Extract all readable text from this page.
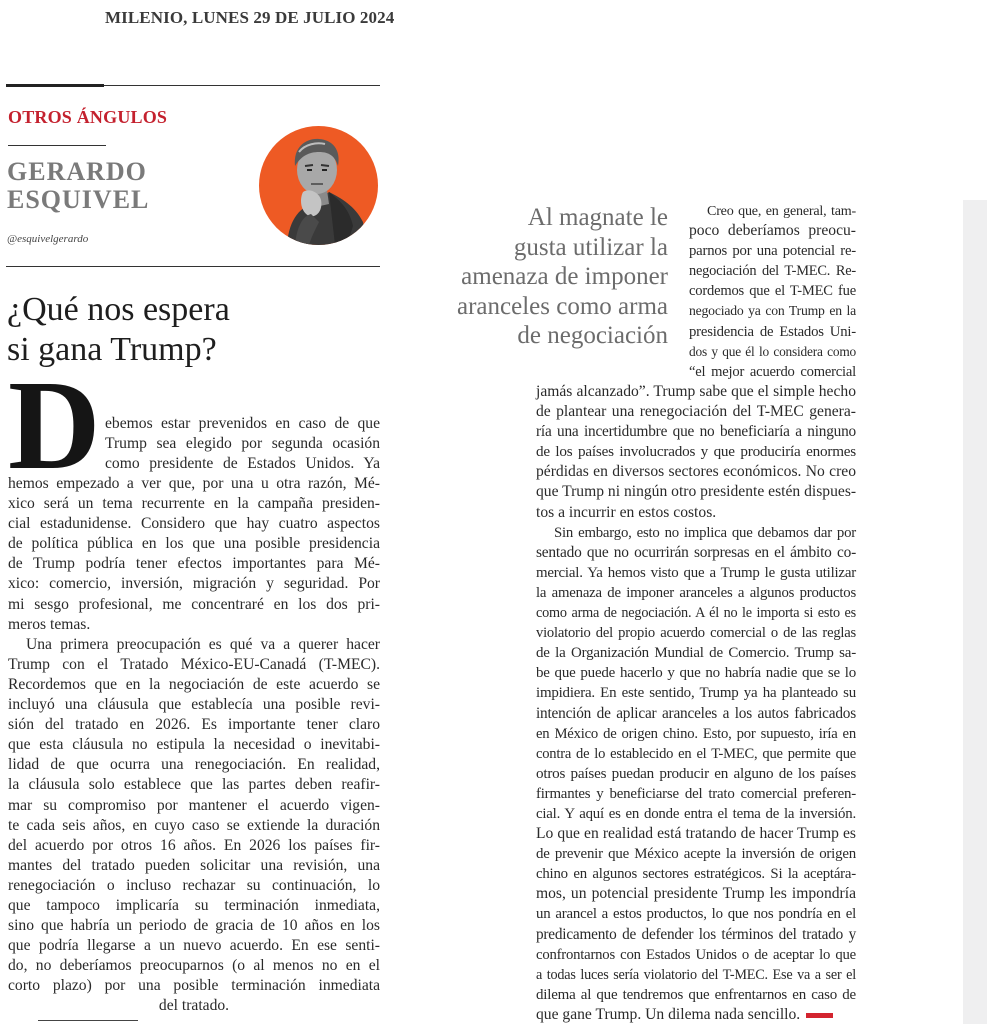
MILENIO, LUNES 29 DE JULIO 2024
OTROS ÁNGULOS
GERARDO
ESQUIVEL
@esquivelgerardo
¿Qué nos espera
si gana Trump?
D ebemos estar prevenidos en caso de que
Trump sea elegido por segunda ocasión
como presidente de Estados Unidos. Ya
hemos empezado a ver que, por una u otra razón, Mé-
xico será un tema recurrente en la campaña presiden-
cial estadunidense. Considero que hay cuatro aspectos
de política pública en los que una posible presidencia
de Trump podría tener efectos importantes para Mé-
xico: comercio, inversión, migración y seguridad. Por
mi sesgo profesional, me concentraré en los dos pri-
meros temas.
Una primera preocupación es qué va a querer hacer
Trump con el Tratado México-EU-Canadá (T-MEC).
Recordemos que en la negociación de este acuerdo se
incluyó una cláusula que establecía una posible revi-
sión del tratado en 2026. Es importante tener claro
que esta cláusula no estipula la necesidad o inevitabi-
lidad de que ocurra una renegociación. En realidad,
la cláusula solo establece que las partes deben reafir-
mar su compromiso por mantener el acuerdo vigen-
te cada seis años, en cuyo caso se extiende la duración
del acuerdo por otros 16 años. En 2026 los países fir-
mantes del tratado pueden solicitar una revisión, una
renegociación o incluso rechazar su continuación, lo
que tampoco implicaría su terminación inmediata,
sino que habría un periodo de gracia de 10 años en los
que podría llegarse a un nuevo acuerdo. En ese senti-
do, no deberíamos preocuparnos (o al menos no en el
corto plazo) por una posible terminación inmediata
del tratado.
Al magnate le
gusta utilizar la
amenaza de imponer
aranceles como arma
de negociación
Creo que, en general, tam-
poco deberíamos preocu-
parnos por una potencial re-
negociación del T-MEC. Re-
cordemos que el T-MEC fue
negociado ya con Trump en la
presidencia de Estados Uni-
dos y que él lo considera como
“el mejor acuerdo comercial
jamás alcanzado”. Trump sabe que el simple hecho
de plantear una renegociación del T-MEC genera-
ría una incertidumbre que no beneficiaría a ninguno
de los países involucrados y que produciría enormes
pérdidas en diversos sectores económicos. No creo
que Trump ni ningún otro presidente estén dispues-
tos a incurrir en estos costos.
Sin embargo, esto no implica que debamos dar por
sentado que no ocurrirán sorpresas en el ámbito co-
mercial. Ya hemos visto que a Trump le gusta utilizar
la amenaza de imponer aranceles a algunos productos
como arma de negociación. A él no le importa si esto es
violatorio del propio acuerdo comercial o de las reglas
de la Organización Mundial de Comercio. Trump sa-
be que puede hacerlo y que no habría nadie que se lo
impidiera. En este sentido, Trump ya ha planteado su
intención de aplicar aranceles a los autos fabricados
en México de origen chino. Esto, por supuesto, iría en
contra de lo establecido en el T-MEC, que permite que
otros países puedan producir en alguno de los países
firmantes y beneficiarse del trato comercial preferen-
cial. Y aquí es en donde entra el tema de la inversión.
Lo que en realidad está tratando de hacer Trump es
de prevenir que México acepte la inversión de origen
chino en algunos sectores estratégicos. Si la aceptára-
mos, un potencial presidente Trump les impondría
un arancel a estos productos, lo que nos pondría en el
predicamento de defender los términos del tratado y
confrontarnos con Estados Unidos o de aceptar lo que
a todas luces sería violatorio del T-MEC. Ese va a ser el
dilema al que tendremos que enfrentarnos en caso de
que gane Trump. Un dilema nada sencillo.
